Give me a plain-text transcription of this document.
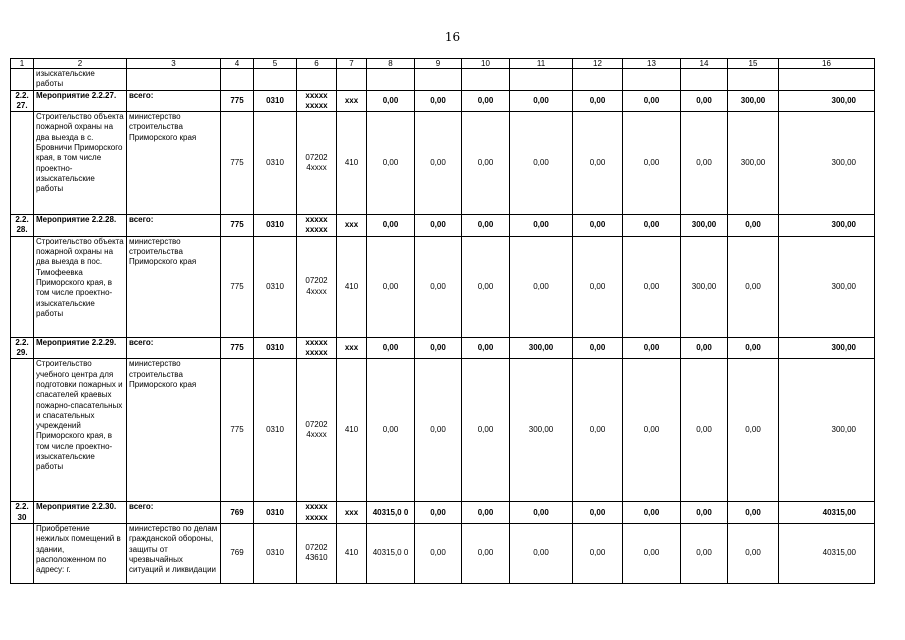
16
1	2	3	4	5	6	7	8	9	10	11	12	13	14	15	16
	изыскательские работы														
2.2. 27.	Мероприятие 2.2.27.	всего:	775	0310	ххххх ххххх	ххх	0,00	0,00	0,00	0,00	0,00	0,00	0,00	300,00	300,00
	Строительство объекта пожарной охраны на два выезда в с. Бровничи Приморского края, в том числе проектно-изыскательские работы	министерство строительства Приморского края	775	0310	07202 4хххх	410	0,00	0,00	0,00	0,00	0,00	0,00	0,00	300,00	300,00
2.2. 28.	Мероприятие 2.2.28.	всего:	775	0310	ххххх ххххх	ххх	0,00	0,00	0,00	0,00	0,00	0,00	300,00	0,00	300,00
	Строительство объекта пожарной охраны на два выезда в пос. Тимофеевка Приморского края, в том числе проектно-изыскательские работы	министерство строительства Приморского края	775	0310	07202 4хххх	410	0,00	0,00	0,00	0,00	0,00	0,00	300,00	0,00	300,00
2.2. 29.	Мероприятие 2.2.29.	всего:	775	0310	ххххх ххххх	ххх	0,00	0,00	0,00	300,00	0,00	0,00	0,00	0,00	300,00
	Строительство учебного центра для подготовки пожарных и спасателей краевых пожарно-спасательных и спасательных учреждений Приморского края, в том числе проектно-изыскательские работы	министерство строительства Приморского края	775	0310	07202 4хххх	410	0,00	0,00	0,00	300,00	0,00	0,00	0,00	0,00	300,00
2.2. 30	Мероприятие 2.2.30.	всего:	769	0310	ххххх ххххх	ххх	40315,0 0	0,00	0,00	0,00	0,00	0,00	0,00	0,00	40315,00
	Приобретение нежилых помещений в здании, расположенном по адресу: г.	министерство по делам гражданской обороны, защиты от чрезвычайных ситуаций и ликвидации	769	0310	07202 43610	410	40315,0 0	0,00	0,00	0,00	0,00	0,00	0,00	0,00	40315,00
